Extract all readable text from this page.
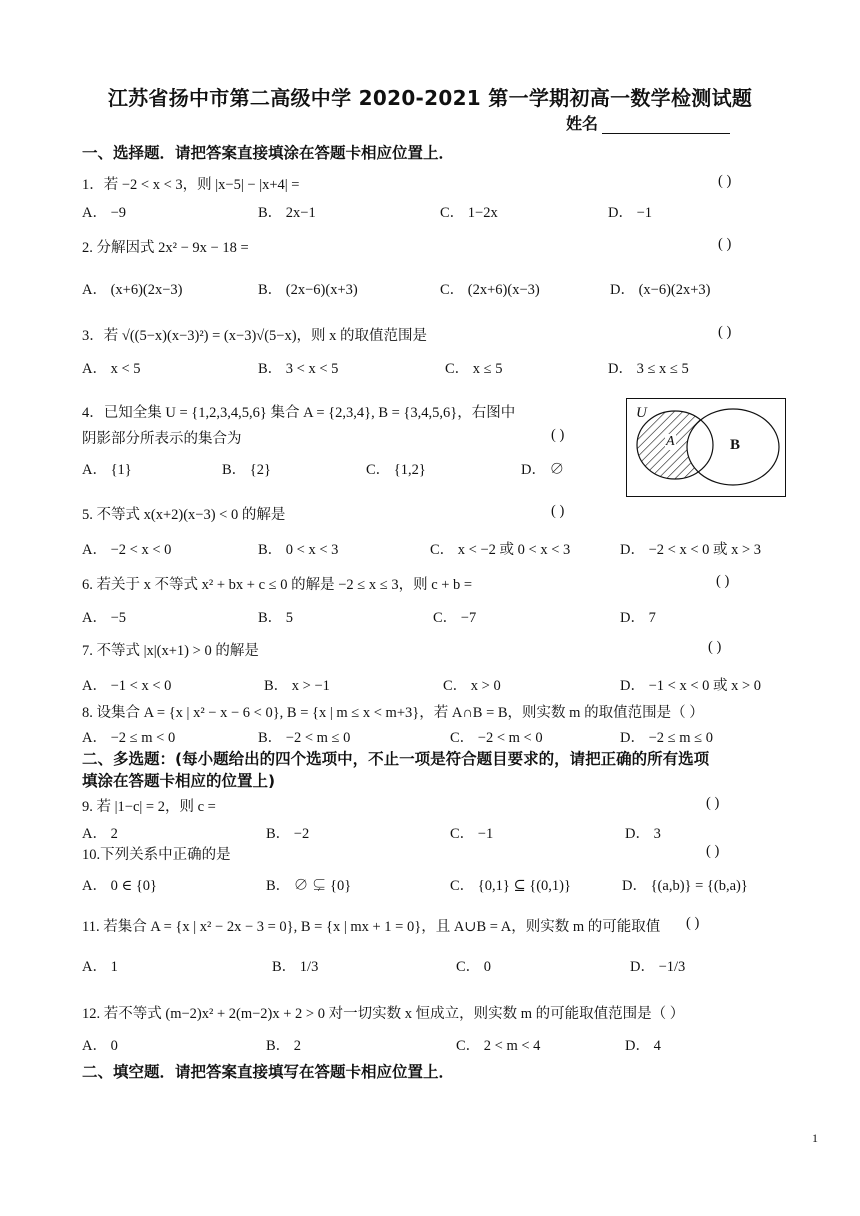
江苏省扬中市第二高级中学 2020-2021 第一学期初高一数学检测试题
姓名
一、选择题．请把答案直接填涂在答题卡相应位置上．
1．若 −2 < x < 3，则 |x−5| − |x+4| =	( )
A． −9	B． 2x−1	C． 1−2x	D． −1
2. 分解因式 2x² − 9x − 18 =	( )
A． (x+6)(2x−3)	B． (2x−6)(x+3)	C． (2x+6)(x−3)	D． (x−6)(2x+3)
3．若 √((5−x)(x−3)²) = (x−3)√(5−x)，则 x 的取值范围是	( )
A． x < 5	B． 3 < x < 5	C． x ≤ 5	D． 3 ≤ x ≤ 5
4．已知全集 U = {1,2,3,4,5,6} 集合 A = {2,3,4}, B = {3,4,5,6}，右图中
阴影部分所表示的集合为	( )
A． {1}	B． {2}	C． {1,2}	D． ∅
U
A	B
5. 不等式 x(x+2)(x−3) < 0 的解是	( )
A． −2 < x < 0	B． 0 < x < 3	C． x < −2 或 0 < x < 3	D． −2 < x < 0 或 x > 3
6. 若关于 x 不等式 x² + bx + c ≤ 0 的解是 −2 ≤ x ≤ 3，则 c + b =	( )
A． −5	B． 5	C． −7	D． 7
7. 不等式 |x|(x+1) > 0 的解是	( )
A． −1 < x < 0	B． x > −1	C． x > 0	D． −1 < x < 0 或 x > 0
8. 设集合 A = {x | x² − x − 6 < 0}, B = {x | m ≤ x < m+3}，若 A∩B = B，则实数 m 的取值范围是（ ）
A． −2 ≤ m < 0	B． −2 < m ≤ 0	C． −2 < m < 0	D． −2 ≤ m ≤ 0
二、多选题：(每小题给出的四个选项中，不止一项是符合题目要求的，请把正确的所有选项
填涂在答题卡相应的位置上)
9. 若 |1−c| = 2，则 c =	( )
A． 2	B． −2	C． −1	D． 3
10.下列关系中正确的是	( )
A． 0 ∈ {0}	B． ∅ ⊊ {0}	C． {0,1} ⊆ {(0,1)}	D． {(a,b)} = {(b,a)}
11. 若集合 A = {x | x² − 2x − 3 = 0}, B = {x | mx + 1 = 0}，且 A∪B = A，则实数 m 的可能取值 ( )
A． 1	B． 1/3	C． 0	D． −1/3
12. 若不等式 (m−2)x² + 2(m−2)x + 2 > 0 对一切实数 x 恒成立，则实数 m 的可能取值范围是（ ）
A． 0	B． 2	C． 2 < m < 4	D． 4
二、填空题．请把答案直接填写在答题卡相应位置上．
1
